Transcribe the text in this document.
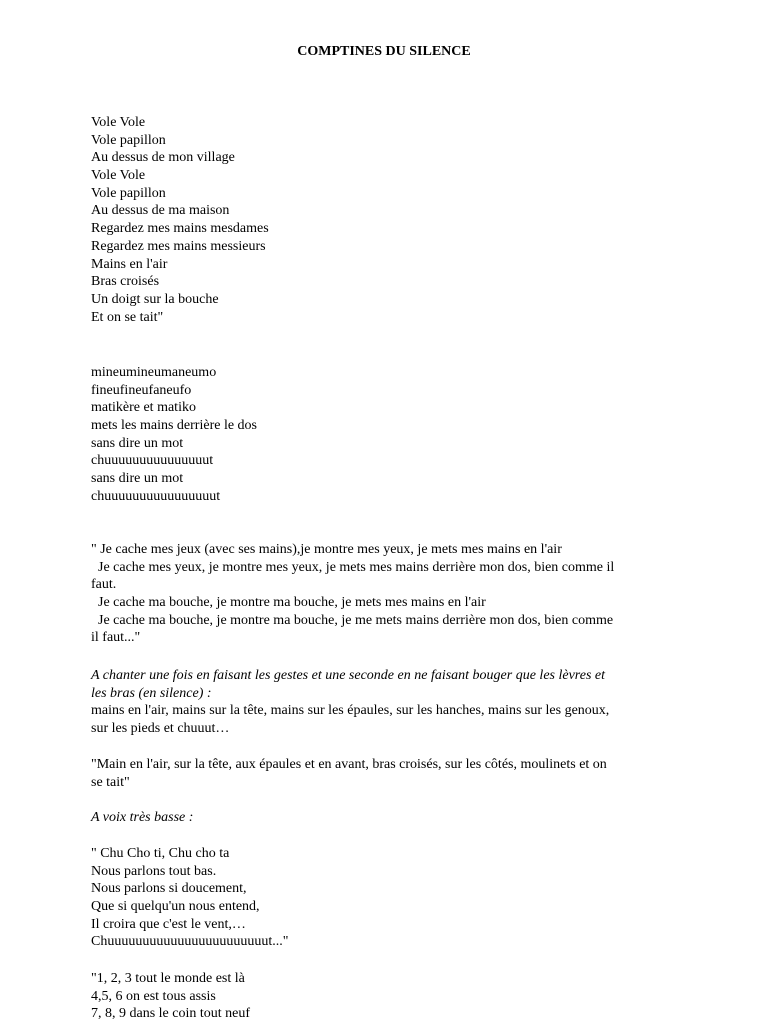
COMPTINES DU SILENCE
Vole Vole
Vole papillon
Au dessus de mon village
Vole Vole
Vole papillon
Au dessus de ma maison
Regardez mes mains mesdames
Regardez mes mains messieurs
Mains en l'air
Bras croisés
Un doigt sur la bouche
Et on se tait"
mineumineumaneumo
fineufineufaneufo
matikère et matiko
mets les mains derrière le dos
sans dire un mot
chuuuuuuuuuuuuuuut
sans dire un mot
chuuuuuuuuuuuuuuuut
" Je cache mes jeux (avec ses mains),je montre mes yeux, je mets mes mains en l'air
Je cache mes yeux, je montre mes yeux, je mets mes mains derrière mon dos, bien comme il
faut.
Je cache ma bouche, je montre ma bouche, je mets mes mains en l'air
Je cache ma bouche, je montre ma bouche, je me mets mains derrière mon dos, bien comme
il faut..."
A chanter une fois en faisant les gestes et une seconde en ne faisant bouger que les lèvres et
les bras (en silence) :
mains en l'air, mains sur la tête, mains sur les épaules, sur les hanches, mains sur les genoux,
sur les pieds et chuuut…
"Main en l'air, sur la tête, aux épaules et en avant, bras croisés, sur les côtés, moulinets et on
se tait"
A voix très basse :
" Chu Cho ti, Chu cho ta
Nous parlons tout bas.
Nous parlons si doucement,
Que si quelqu'un nous entend,
Il croira que c'est le vent,…
Chuuuuuuuuuuuuuuuuuuuuuuut..."
"1, 2, 3 tout le monde est là
4,5, 6 on est tous assis
7, 8, 9 dans le coin tout neuf
